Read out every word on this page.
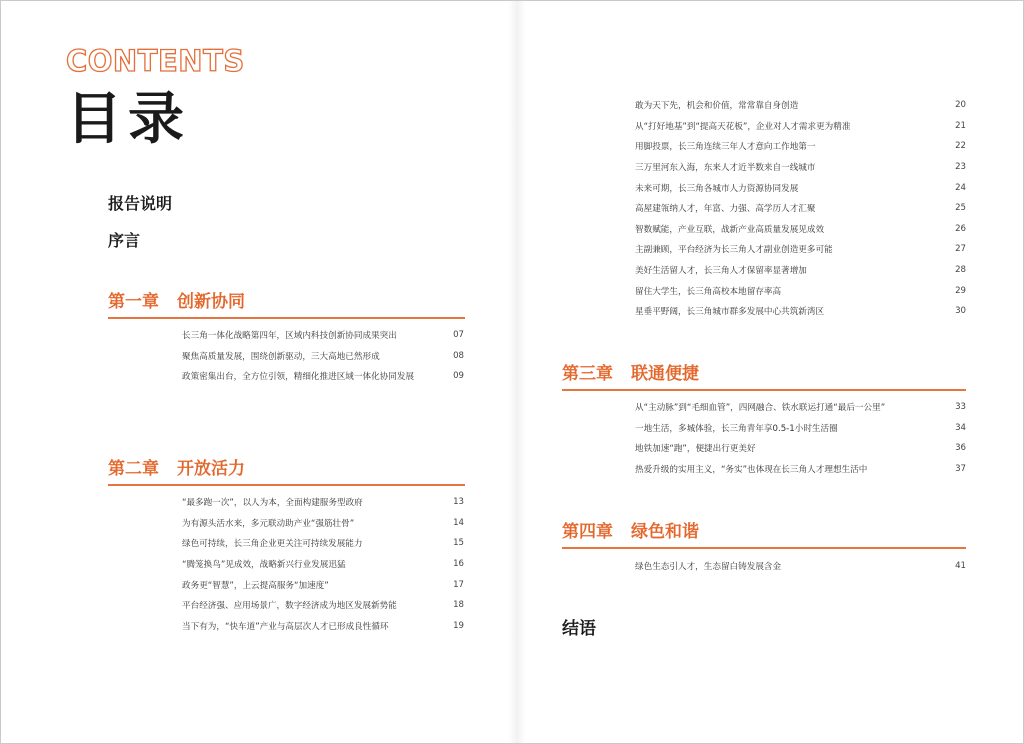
CONTENTS
目录
报告说明
序言
第一章 创新协同
长三角一体化战略第四年，区域内科技创新协同成果突出	07
聚焦高质量发展，围绕创新驱动，三大高地已然形成	08
政策密集出台，全方位引领，精细化推进区域一体化协同发展	09
第二章 开放活力
“最多跑一次”，以人为本，全面构建服务型政府	13
为有源头活水来，多元联动助产业“强筋壮骨”	14
绿色可持续，长三角企业更关注可持续发展能力	15
“腾笼换鸟”见成效，战略新兴行业发展迅猛	16
政务更“智慧”，上云提高服务“加速度”	17
平台经济强、应用场景广，数字经济成为地区发展新势能	18
当下有为，“快车道”产业与高层次人才已形成良性循环	19
敢为天下先，机会和价值，常常靠自身创造	20
从“打好地基”到“提高天花板”，企业对人才需求更为精准	21
用脚投票，长三角连续三年人才意向工作地第一	22
三万里河东入海，东来人才近半数来自一线城市	23
未来可期，长三角各城市人力资源协同发展	24
高屋建瓴纳人才，年富、力强、高学历人才汇聚	25
智数赋能，产业互联，战新产业高质量发展见成效	26
主副兼顾，平台经济为长三角人才副业创造更多可能	27
美好生活留人才，长三角人才保留率显著增加	28
留住大学生，长三角高校本地留存率高	29
星垂平野阔，长三角城市群多发展中心共筑新湾区	30
第三章 联通便捷
从“主动脉”到“毛细血管”，四网融合、铁水联运打通“最后一公里”	33
一地生活，多城体验，长三角青年享0.5-1小时生活圈	34
地铁加速“跑”，便捷出行更美好	36
热爱升级的实用主义，“务实”也体现在长三角人才理想生活中	37
第四章 绿色和谐
绿色生态引人才，生态留白铸发展含金	41
结语
